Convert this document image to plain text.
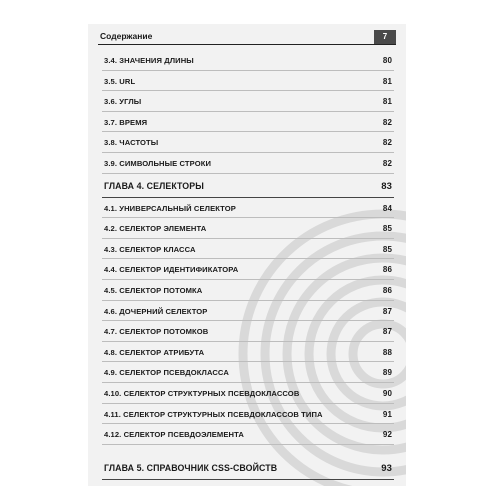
Содержание	7
3.4. ЗНАЧЕНИЯ ДЛИНЫ	80
3.5. URL	81
3.6. УГЛЫ	81
3.7. ВРЕМЯ	82
3.8. ЧАСТОТЫ	82
3.9. СИМВОЛЬНЫЕ СТРОКИ	82
ГЛАВА 4. СЕЛЕКТОРЫ	83
4.1. УНИВЕРСАЛЬНЫЙ СЕЛЕКТОР	84
4.2. СЕЛЕКТОР ЭЛЕМЕНТА	85
4.3. СЕЛЕКТОР КЛАССА	85
4.4. СЕЛЕКТОР ИДЕНТИФИКАТОРА	86
4.5. СЕЛЕКТОР ПОТОМКА	86
4.6. ДОЧЕРНИЙ СЕЛЕКТОР	87
4.7. СЕЛЕКТОР ПОТОМКОВ	87
4.8. СЕЛЕКТОР АТРИБУТА	88
4.9. СЕЛЕКТОР ПСЕВДОКЛАССА	89
4.10. СЕЛЕКТОР СТРУКТУРНЫХ ПСЕВДОКЛАССОВ	90
4.11. СЕЛЕКТОР СТРУКТУРНЫХ ПСЕВДОКЛАССОВ ТИПА	91
4.12. СЕЛЕКТОР ПСЕВДОЭЛЕМЕНТА	92
ГЛАВА 5. СПРАВОЧНИК CSS-СВОЙСТВ	93
